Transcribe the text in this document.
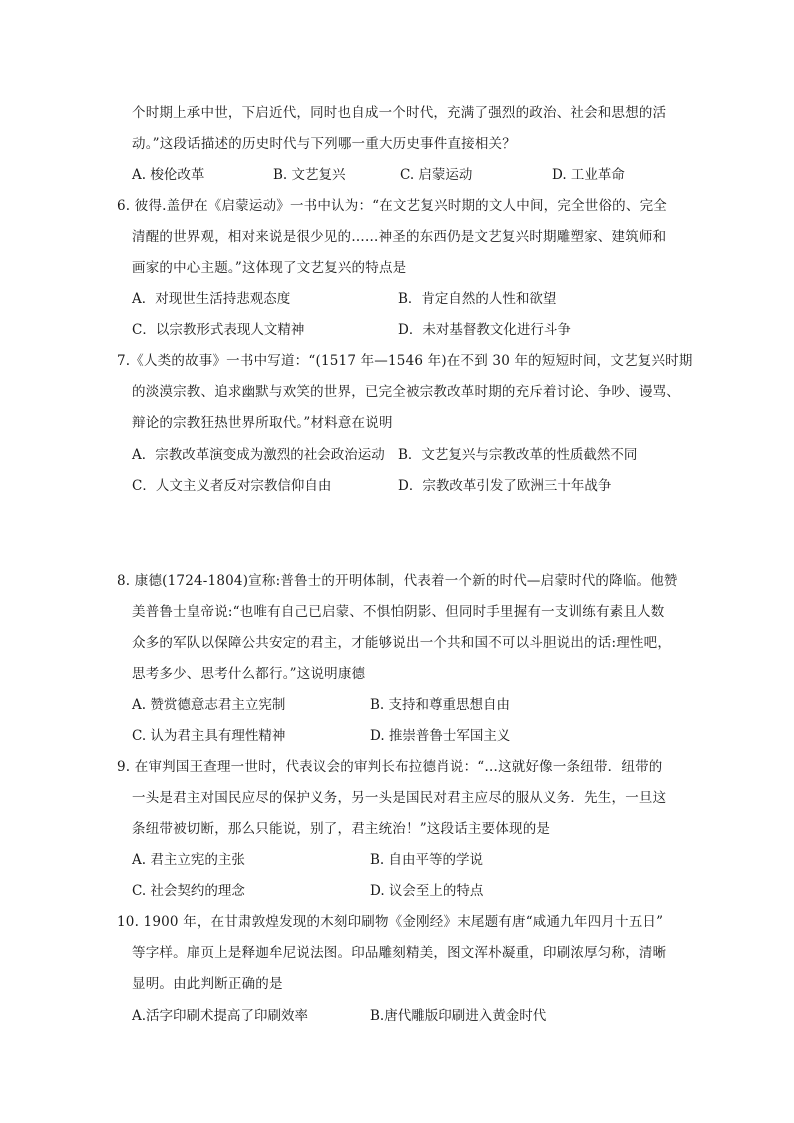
个时期上承中世，下启近代，同时也自成一个时代，充满了强烈的政治、社会和思想的活
动。”这段话描述的历史时代与下列哪一重大历史事件直接相关？
A. 梭伦改革	B. 文艺复兴	C. 启蒙运动	D. 工业革命
6. 彼得.盖伊在《启蒙运动》一书中认为：“在文艺复兴时期的文人中间，完全世俗的、完全
清醒的世界观，相对来说是很少见的……神圣的东西仍是文艺复兴时期雕塑家、建筑师和
画家的中心主题。”这体现了文艺复兴的特点是
A．对现世生活持悲观态度	B．肯定自然的人性和欲望
C．以宗教形式表现人文精神	D．未对基督教文化进行斗争
7.《人类的故事》一书中写道：“(1517 年—1546 年)在不到 30 年的短短时间，文艺复兴时期
的淡漠宗教、追求幽默与欢笑的世界，已完全被宗教改革时期的充斥着讨论、争吵、谩骂、
辩论的宗教狂热世界所取代。”材料意在说明
A．宗教改革演变成为激烈的社会政治运动 B．文艺复兴与宗教改革的性质截然不同
C．人文主义者反对宗教信仰自由	D．宗教改革引发了欧洲三十年战争
8. 康德(1724-1804)宣称:普鲁士的开明体制，代表着一个新的时代—启蒙时代的降临。他赞
美普鲁士皇帝说:“也唯有自己已启蒙、不惧怕阴影、但同时手里握有一支训练有素且人数
众多的军队以保障公共安定的君主，才能够说出一个共和国不可以斗胆说出的话:理性吧，
思考多少、思考什么都行。”这说明康德
A. 赞赏德意志君主立宪制	B. 支持和尊重思想自由
C. 认为君主具有理性精神	D. 推崇普鲁士军国主义
9. 在审判国王查理一世时，代表议会的审判长布拉德肖说：“…这就好像一条纽带．纽带的
一头是君主对国民应尽的保护义务，另一头是国民对君主应尽的服从义务．先生，一旦这
条纽带被切断，那么只能说，别了，君主统治！”这段话主要体现的是
A. 君主立宪的主张	B. 自由平等的学说
C. 社会契约的理念	D. 议会至上的特点
10. 1900 年，在甘肃敦煌发现的木刻印刷物《金刚经》末尾题有唐“咸通九年四月十五日”
等字样。扉页上是释迦牟尼说法图。印品雕刻精美，图文浑朴凝重，印刷浓厚匀称，清晰
显明。由此判断正确的是
A.活字印刷术提高了印刷效率	B.唐代雕版印刷进入黄金时代
